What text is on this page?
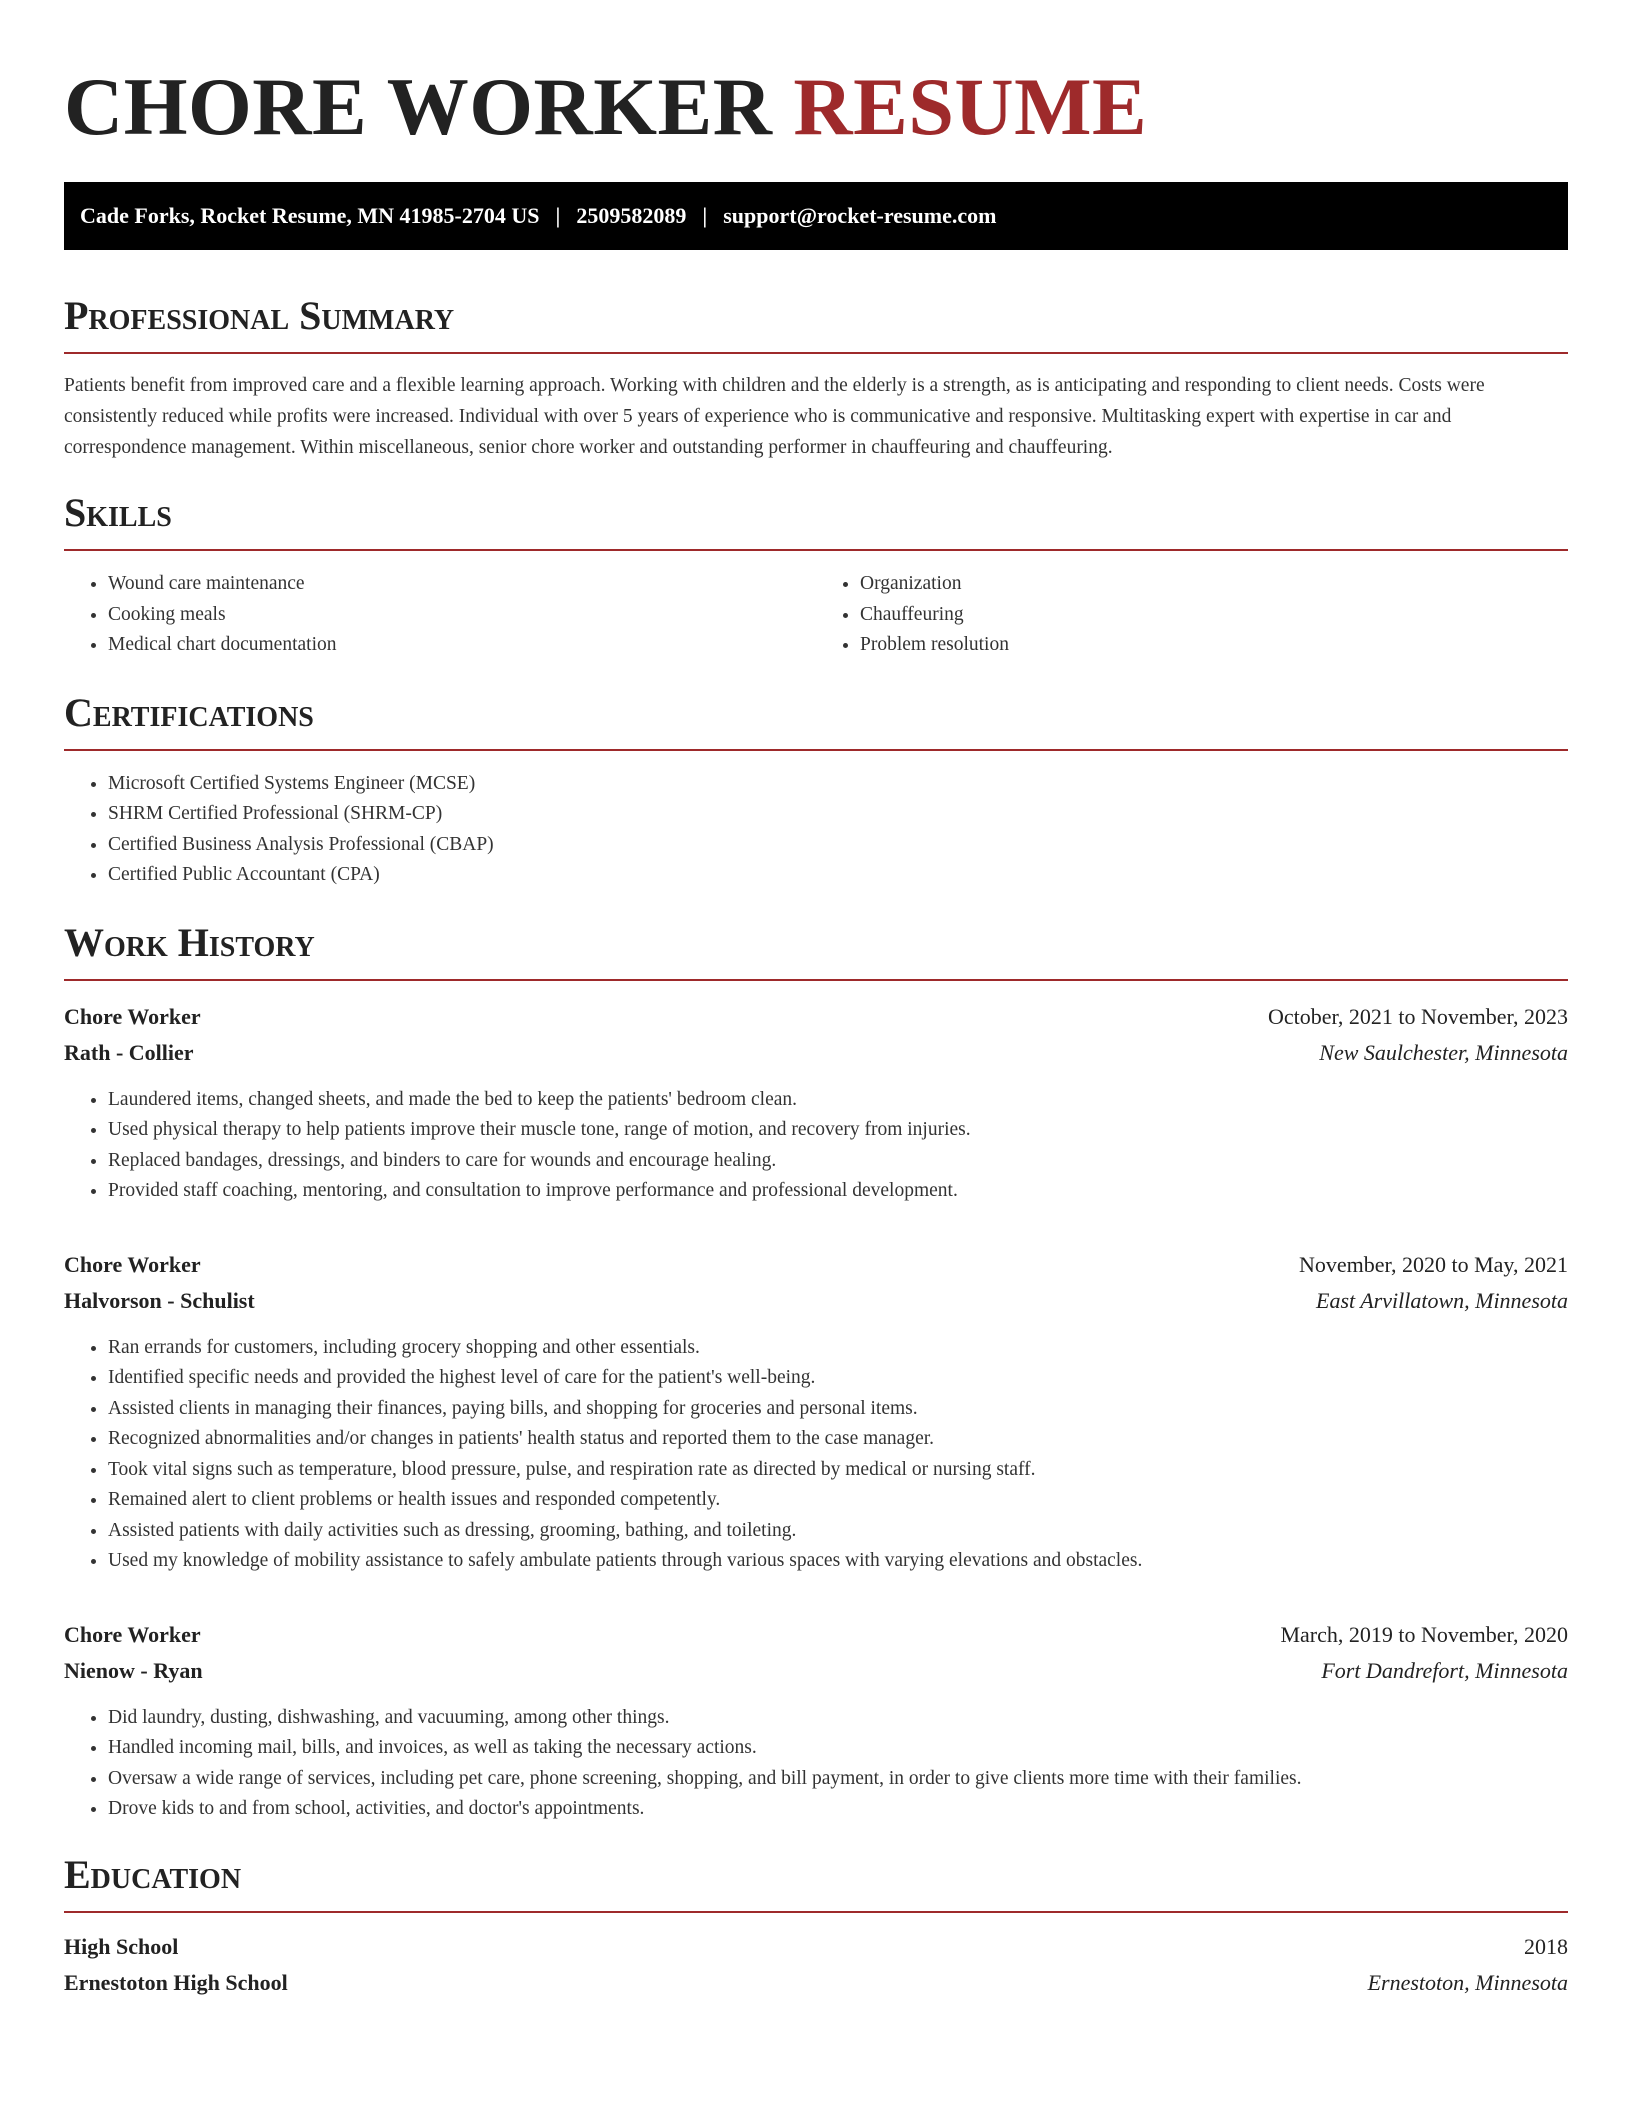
CHORE WORKER RESUME
Cade Forks, Rocket Resume, MN 41985-2704 US | 2509582089 | support@rocket-resume.com
Professional Summary

Patients benefit from improved care and a flexible learning approach. Working with children and the elderly is a strength, as is anticipating and responding to client needs. Costs were consistently reduced while profits were increased. Individual with over 5 years of experience who is communicative and responsive. Multitasking expert with expertise in car and correspondence management. Within miscellaneous, senior chore worker and outstanding performer in chauffeuring and chauffeuring.

Skills
• Wound care maintenance
• Cooking meals
• Medical chart documentation
• Organization
• Chauffeuring
• Problem resolution
Certifications
• Microsoft Certified Systems Engineer (MCSE)
• SHRM Certified Professional (SHRM-CP)
• Certified Business Analysis Professional (CBAP)
• Certified Public Accountant (CPA)
Work History
Chore Worker	October, 2021 to November, 2023
Rath - Collier	New Saulchester, Minnesota
• Laundered items, changed sheets, and made the bed to keep the patients' bedroom clean.
• Used physical therapy to help patients improve their muscle tone, range of motion, and recovery from injuries.
• Replaced bandages, dressings, and binders to care for wounds and encourage healing.
• Provided staff coaching, mentoring, and consultation to improve performance and professional development.
Chore Worker	November, 2020 to May, 2021
Halvorson - Schulist	East Arvillatown, Minnesota
• Ran errands for customers, including grocery shopping and other essentials.
• Identified specific needs and provided the highest level of care for the patient's well-being.
• Assisted clients in managing their finances, paying bills, and shopping for groceries and personal items.
• Recognized abnormalities and/or changes in patients' health status and reported them to the case manager.
• Took vital signs such as temperature, blood pressure, pulse, and respiration rate as directed by medical or nursing staff.
• Remained alert to client problems or health issues and responded competently.
• Assisted patients with daily activities such as dressing, grooming, bathing, and toileting.
• Used my knowledge of mobility assistance to safely ambulate patients through various spaces with varying elevations and obstacles.
Chore Worker	March, 2019 to November, 2020
Nienow - Ryan	Fort Dandrefort, Minnesota
• Did laundry, dusting, dishwashing, and vacuuming, among other things.
• Handled incoming mail, bills, and invoices, as well as taking the necessary actions.
• Oversaw a wide range of services, including pet care, phone screening, shopping, and bill payment, in order to give clients more time with their families.
• Drove kids to and from school, activities, and doctor's appointments.
Education
High School	2018
Ernestoton High School	Ernestoton, Minnesota
